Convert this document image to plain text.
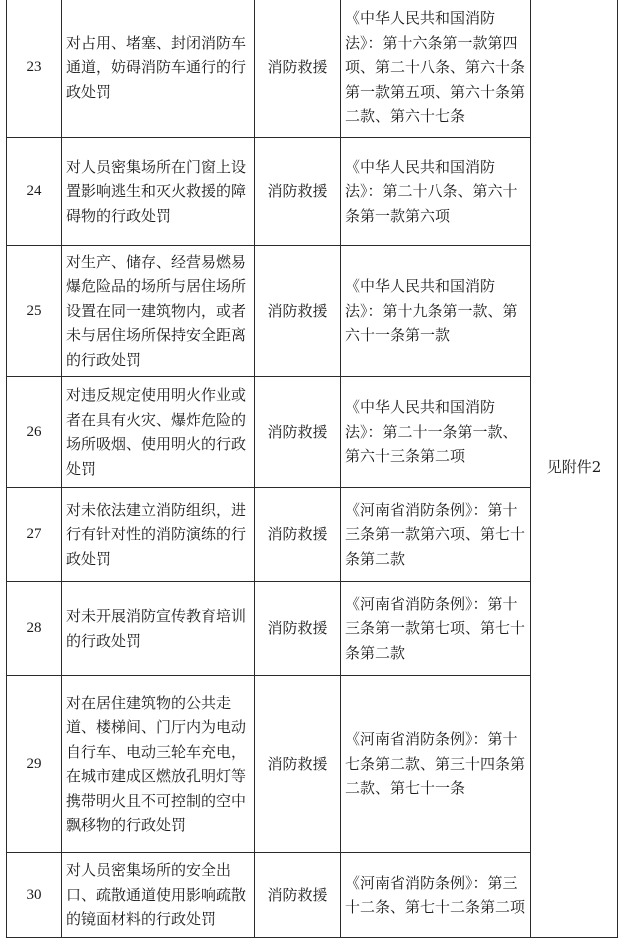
23	对占用、堵塞、封闭消防车通道，妨碍消防车通行的行政处罚	消防救援	《中华人民共和国消防法》：第十六条第一款第四项、第二十八条、第六十条第一款第五项、第六十条第二款、第六十七条	见附件2
24	对人员密集场所在门窗上设置影响逃生和灭火救援的障碍物的行政处罚	消防救援	《中华人民共和国消防法》：第二十八条、第六十条第一款第六项	
25	对生产、储存、经营易燃易爆危险品的场所与居住场所设置在同一建筑物内，或者未与居住场所保持安全距离的行政处罚	消防救援	《中华人民共和国消防法》：第十九条第一款、第六十一条第一款	
26	对违反规定使用明火作业或者在具有火灾、爆炸危险的场所吸烟、使用明火的行政处罚	消防救援	《中华人民共和国消防法》：第二十一条第一款、第六十三条第二项	
27	对未依法建立消防组织，进行有针对性的消防演练的行政处罚	消防救援	《河南省消防条例》：第十三条第一款第六项、第七十条第二款	
28	对未开展消防宣传教育培训的行政处罚	消防救援	《河南省消防条例》：第十三条第一款第七项、第七十条第二款	
29	对在居住建筑物的公共走道、楼梯间、门厅内为电动自行车、电动三轮车充电，在城市建成区燃放孔明灯等携带明火且不可控制的空中飘移物的行政处罚	消防救援	《河南省消防条例》：第十七条第二款、第三十四条第二款、第七十一条	
30	对人员密集场所的安全出口、疏散通道使用影响疏散的镜面材料的行政处罚	消防救援	《河南省消防条例》：第三十二条、第七十二条第二项	
